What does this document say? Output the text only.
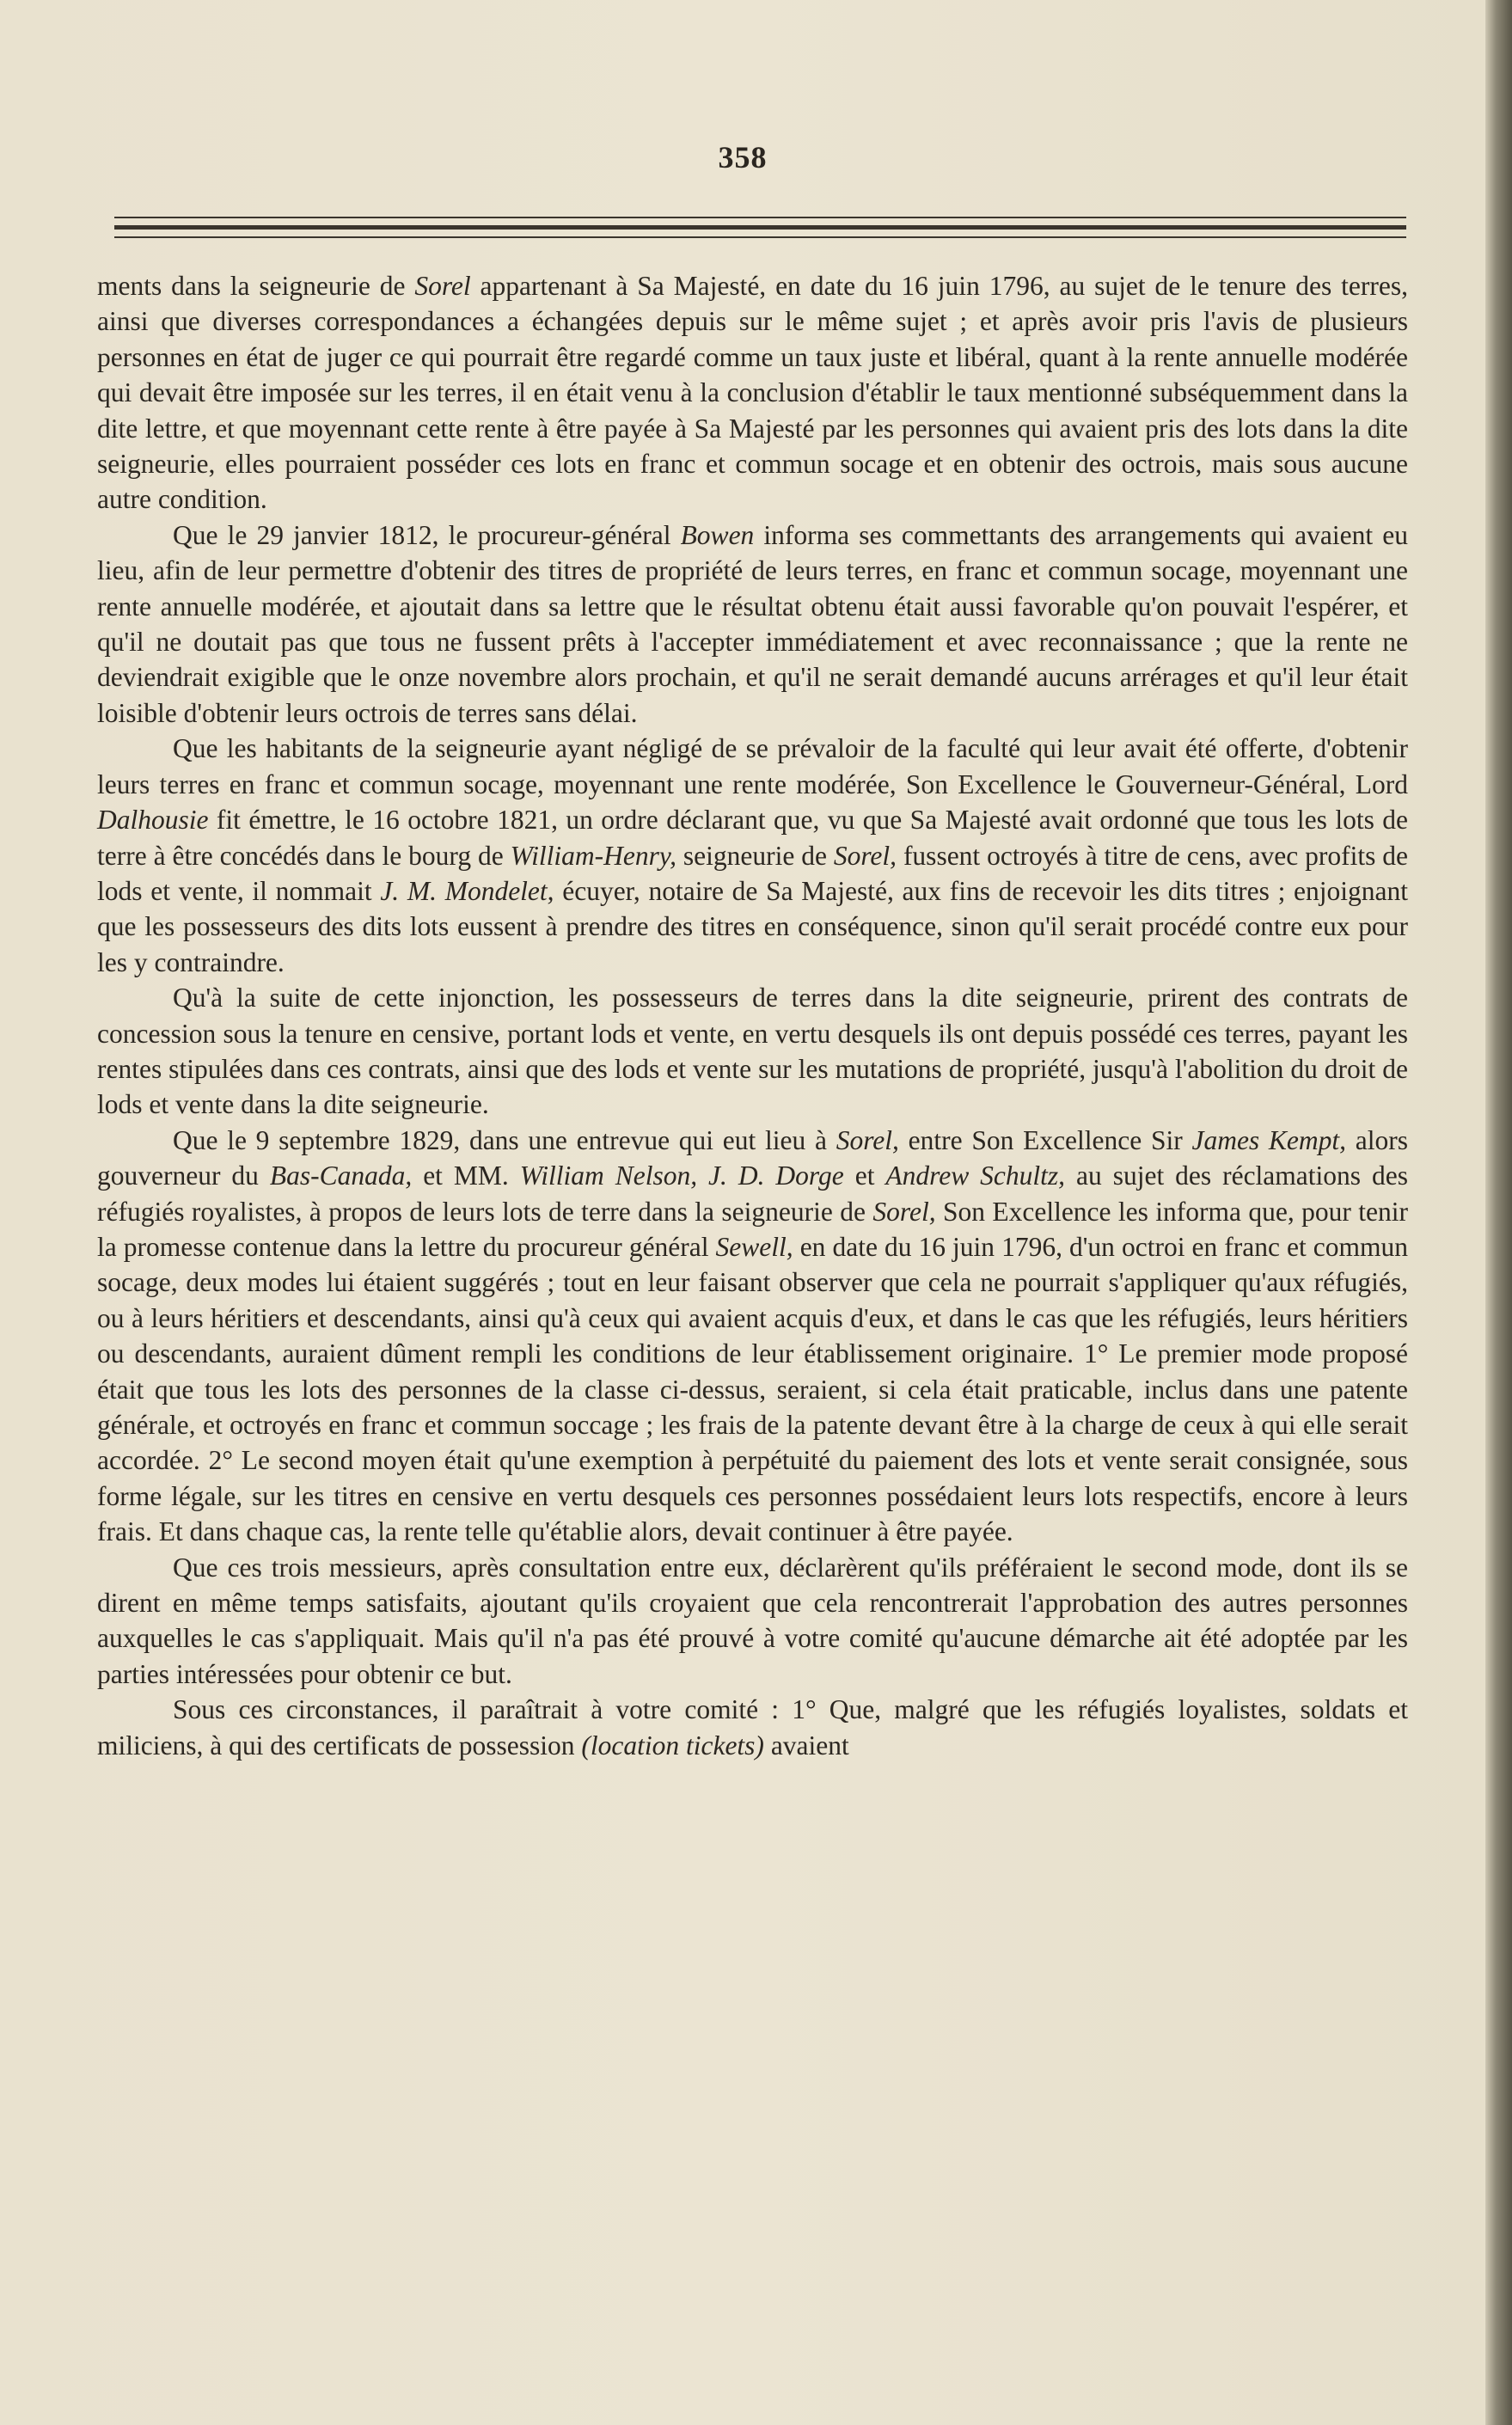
358

ments dans la seigneurie de Sorel appartenant à Sa Majesté, en date du 16 juin 1796, au sujet de le tenure des terres, ainsi que diverses correspondances a échangées depuis sur le même sujet ; et après avoir pris l'avis de plusieurs personnes en état de juger ce qui pourrait être regardé comme un taux juste et libéral, quant à la rente annuelle modérée qui devait être imposée sur les terres, il en était venu à la conclusion d'établir le taux mentionné subséquemment dans la dite lettre, et que moyennant cette rente à être payée à Sa Majesté par les personnes qui avaient pris des lots dans la dite seigneurie, elles pourraient posséder ces lots en franc et commun socage et en obtenir des octrois, mais sous aucune autre condition.

Que le 29 janvier 1812, le procureur-général Bowen informa ses commettants des arrangements qui avaient eu lieu, afin de leur permettre d'obtenir des titres de propriété de leurs terres, en franc et commun socage, moyennant une rente annuelle modérée, et ajoutait dans sa lettre que le résultat obtenu était aussi favorable qu'on pouvait l'espérer, et qu'il ne doutait pas que tous ne fussent prêts à l'accepter immédiatement et avec reconnaissance ; que la rente ne deviendrait exigible que le onze novembre alors prochain, et qu'il ne serait demandé aucuns arrérages et qu'il leur était loisible d'obtenir leurs octrois de terres sans délai.

Que les habitants de la seigneurie ayant négligé de se prévaloir de la faculté qui leur avait été offerte, d'obtenir leurs terres en franc et commun socage, moyennant une rente modérée, Son Excellence le Gouverneur-Général, Lord Dalhousie fit émettre, le 16 octobre 1821, un ordre déclarant que, vu que Sa Majesté avait ordonné que tous les lots de terre à être concédés dans le bourg de William-Henry, seigneurie de Sorel, fussent octroyés à titre de cens, avec profits de lods et vente, il nommait J. M. Mondelet, écuyer, notaire de Sa Majesté, aux fins de recevoir les dits titres ; enjoignant que les possesseurs des dits lots eussent à prendre des titres en conséquence, sinon qu'il serait procédé contre eux pour les y contraindre.

Qu'à la suite de cette injonction, les possesseurs de terres dans la dite seigneurie, prirent des contrats de concession sous la tenure en censive, portant lods et vente, en vertu desquels ils ont depuis possédé ces terres, payant les rentes stipulées dans ces contrats, ainsi que des lods et vente sur les mutations de propriété, jusqu'à l'abolition du droit de lods et vente dans la dite seigneurie.

Que le 9 septembre 1829, dans une entrevue qui eut lieu à Sorel, entre Son Excellence Sir James Kempt, alors gouverneur du Bas-Canada, et MM. William Nelson, J. D. Dorge et Andrew Schultz, au sujet des réclamations des réfugiés royalistes, à propos de leurs lots de terre dans la seigneurie de Sorel, Son Excellence les informa que, pour tenir la promesse contenue dans la lettre du procureur général Sewell, en date du 16 juin 1796, d'un octroi en franc et commun socage, deux modes lui étaient suggérés ; tout en leur faisant observer que cela ne pourrait s'appliquer qu'aux réfugiés, ou à leurs héritiers et descendants, ainsi qu'à ceux qui avaient acquis d'eux, et dans le cas que les réfugiés, leurs héritiers ou descendants, auraient dûment rempli les conditions de leur établissement originaire. 1° Le premier mode proposé était que tous les lots des personnes de la classe ci-dessus, seraient, si cela était praticable, inclus dans une patente générale, et octroyés en franc et commun soccage ; les frais de la patente devant être à la charge de ceux à qui elle serait accordée. 2° Le second moyen était qu'une exemption à perpétuité du paiement des lots et vente serait consignée, sous forme légale, sur les titres en censive en vertu desquels ces personnes possédaient leurs lots respectifs, encore à leurs frais. Et dans chaque cas, la rente telle qu'établie alors, devait continuer à être payée.

Que ces trois messieurs, après consultation entre eux, déclarèrent qu'ils préféraient le second mode, dont ils se dirent en même temps satisfaits, ajoutant qu'ils croyaient que cela rencontrerait l'approbation des autres personnes auxquelles le cas s'appliquait. Mais qu'il n'a pas été prouvé à votre comité qu'aucune démarche ait été adoptée par les parties intéressées pour obtenir ce but.

Sous ces circonstances, il paraîtrait à votre comité : 1° Que, malgré que les réfugiés loyalistes, soldats et miliciens, à qui des certificats de possession (location tickets) avaient
